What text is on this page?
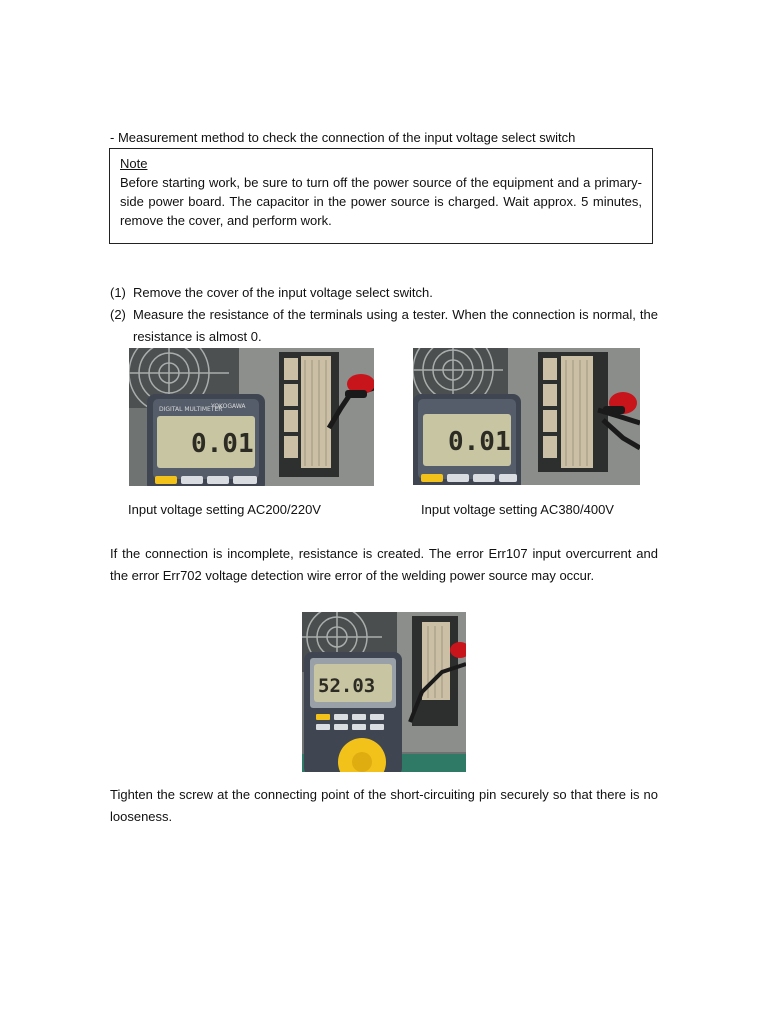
- Measurement method to check the connection of the input voltage select switch
Note
Before starting work, be sure to turn off the power source of the equipment and a primary-side power board. The capacitor in the power source is charged. Wait approx. 5 minutes, remove the cover, and perform work.
(1) Remove the cover of the input voltage select switch.
(2) Measure the resistance of the terminals using a tester. When the connection is normal, the resistance is almost 0.
DIGITAL MULTIMETER
YOKOGAWA
0.01	0.01
Input voltage setting AC200/220V	Input voltage setting AC380/400V
If the connection is incomplete, resistance is created. The error Err107 input overcurrent and the error Err702 voltage detection wire error of the welding power source may occur.
52.03
Tighten the screw at the connecting point of the short-circuiting pin securely so that there is no looseness.
